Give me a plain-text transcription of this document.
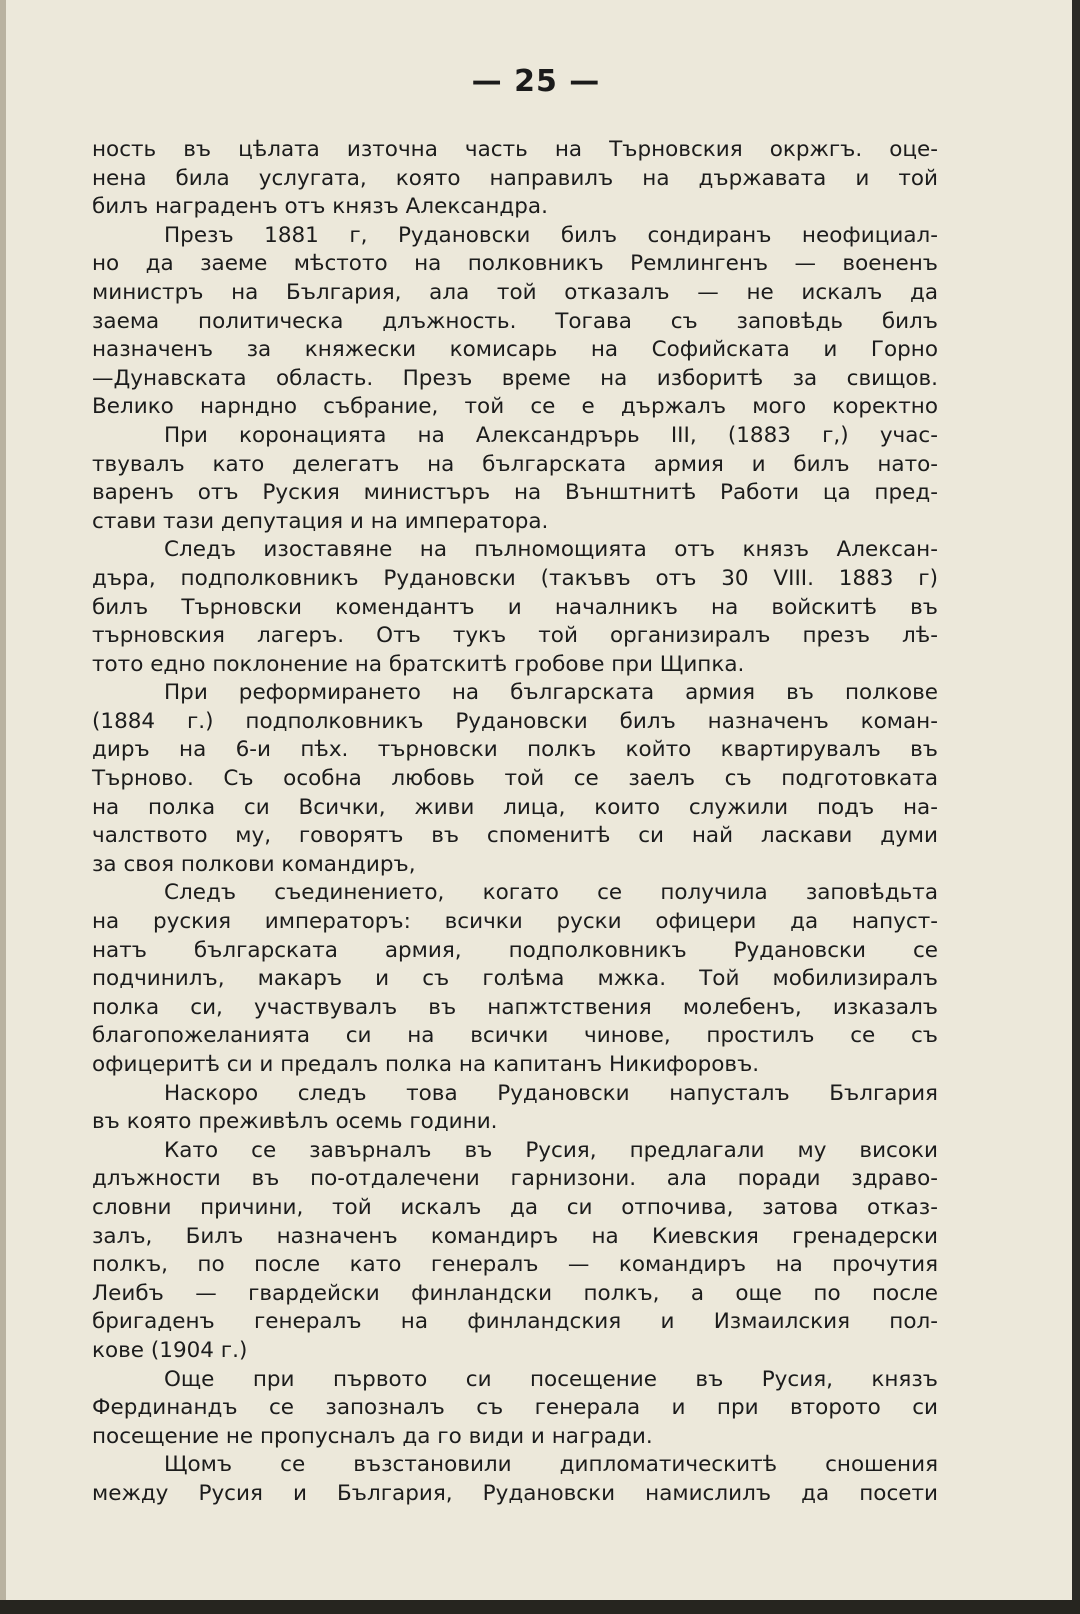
— 25 —
ность въ цѣлата източна часть на Търновския окржгъ. оце-
нена била услугата, която направилъ на държавата и той
билъ награденъ отъ князъ Александра.
Презъ 1881 г, Рудановски билъ сондиранъ неофициал-
но да заеме мѣстото на полковникъ Ремлингенъ — воененъ
министръ на България, ала той отказалъ — не искалъ да
заема политическа длъжность. Тогава съ заповѣдь билъ
назначенъ за княжески комисарь на Софийската и Горно
—Дунавската область. Презъ време на изборитѣ за свищов.
Велико нарндно събрание, той се е държалъ мого коректно
При коронацията на Александрърь III, (1883 г,) учас-
твувалъ като делегатъ на българската армия и билъ нато-
варенъ отъ Руския министъръ на Външтнитѣ Работи ца пред-
стави тази депутация и на императора.
Следъ изоставяне на пълномощията отъ князъ Алексан-
дъра, подполковникъ Рудановски (такъвъ отъ 30 VIII. 1883 г)
билъ Търновски комендантъ и началникъ на войскитѣ въ
търновския лагеръ. Отъ тукъ той организиралъ презъ лѣ-
тото едно поклонение на братскитѣ гробове при Щипка.
При реформирането на българската армия въ полкове
(1884 г.) подполковникъ Рудановски билъ назначенъ коман-
диръ на 6-и пѣх. търновски полкъ който квартирувалъ въ
Търново. Съ особна любовь той се заелъ съ подготовката
на полка си Всички, живи лица, които служили подъ на-
чалството му, говорятъ въ споменитѣ си най ласкави думи
за своя полкови командиръ,
Следъ съединението, когато се получила заповѣдьта
на руския императоръ: всички руски офицери да напуст-
натъ българската армия, подполковникъ Рудановски се
подчинилъ, макаръ и съ голѣма мжка. Той мобилизиралъ
полка си, участвувалъ въ напжтствения молебенъ, изказалъ
благопожеланията си на всички чинове, простилъ се съ
офицеритѣ си и предалъ полка на капитанъ Никифоровъ.
Наскоро следъ това Рудановски напусталъ България
въ която преживѣлъ осемь години.
Като се завърналъ въ Русия, предлагали му високи
длъжности въ по-отдалечени гарнизони. ала поради здраво-
словни причини, той искалъ да си отпочива, затова отказ-
залъ, Билъ назначенъ командиръ на Киевския гренадерски
полкъ, по после като генералъ — командиръ на прочутия
Леибъ — гвардейски финландски полкъ, а още по после
бригаденъ генералъ на финландския и Измаилския пол-
кове (1904 г.)
Още при първото си посещение въ Русия, князъ
Фердинандъ се запозналъ съ генерала и при второто си
посещение не пропусналъ да го види и награди.
Щомъ се възстановили дипломатическитѣ сношения
между Русия и България, Рудановски намислилъ да посети
